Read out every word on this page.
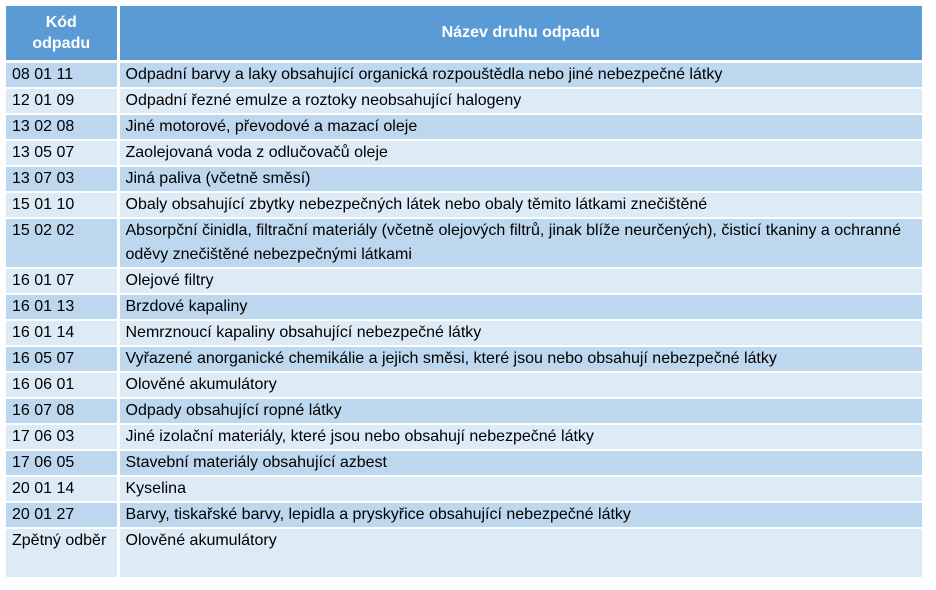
Kód
odpadu	Název druhu odpadu
08 01 11	Odpadní barvy a laky obsahující organická rozpouštědla nebo jiné nebezpečné látky
12 01 09	Odpadní řezné emulze a roztoky neobsahující halogeny
13 02 08	Jiné motorové, převodové a mazací oleje
13 05 07	Zaolejovaná voda z odlučovačů oleje
13 07 03	Jiná paliva (včetně směsí)
15 01 10	Obaly obsahující zbytky nebezpečných látek nebo obaly těmito látkami znečištěné
15 02 02	Absorpční činidla, filtrační materiály (včetně olejových filtrů, jinak blíže neurčených), čisticí tkaniny a ochranné oděvy znečištěné nebezpečnými látkami
16 01 07	Olejové filtry
16 01 13	Brzdové kapaliny
16 01 14	Nemrznoucí kapaliny obsahující nebezpečné látky
16 05 07	Vyřazené anorganické chemikálie a jejich směsi, které jsou nebo obsahují nebezpečné látky
16 06 01	Olověné akumulátory
16 07 08	Odpady obsahující ropné látky
17 06 03	Jiné izolační materiály, které jsou nebo obsahují nebezpečné látky
17 06 05	Stavební materiály obsahující azbest
20 01 14	Kyselina
20 01 27	Barvy, tiskařské barvy, lepidla a pryskyřice obsahující nebezpečné látky
Zpětný odběr	Olověné akumulátory
